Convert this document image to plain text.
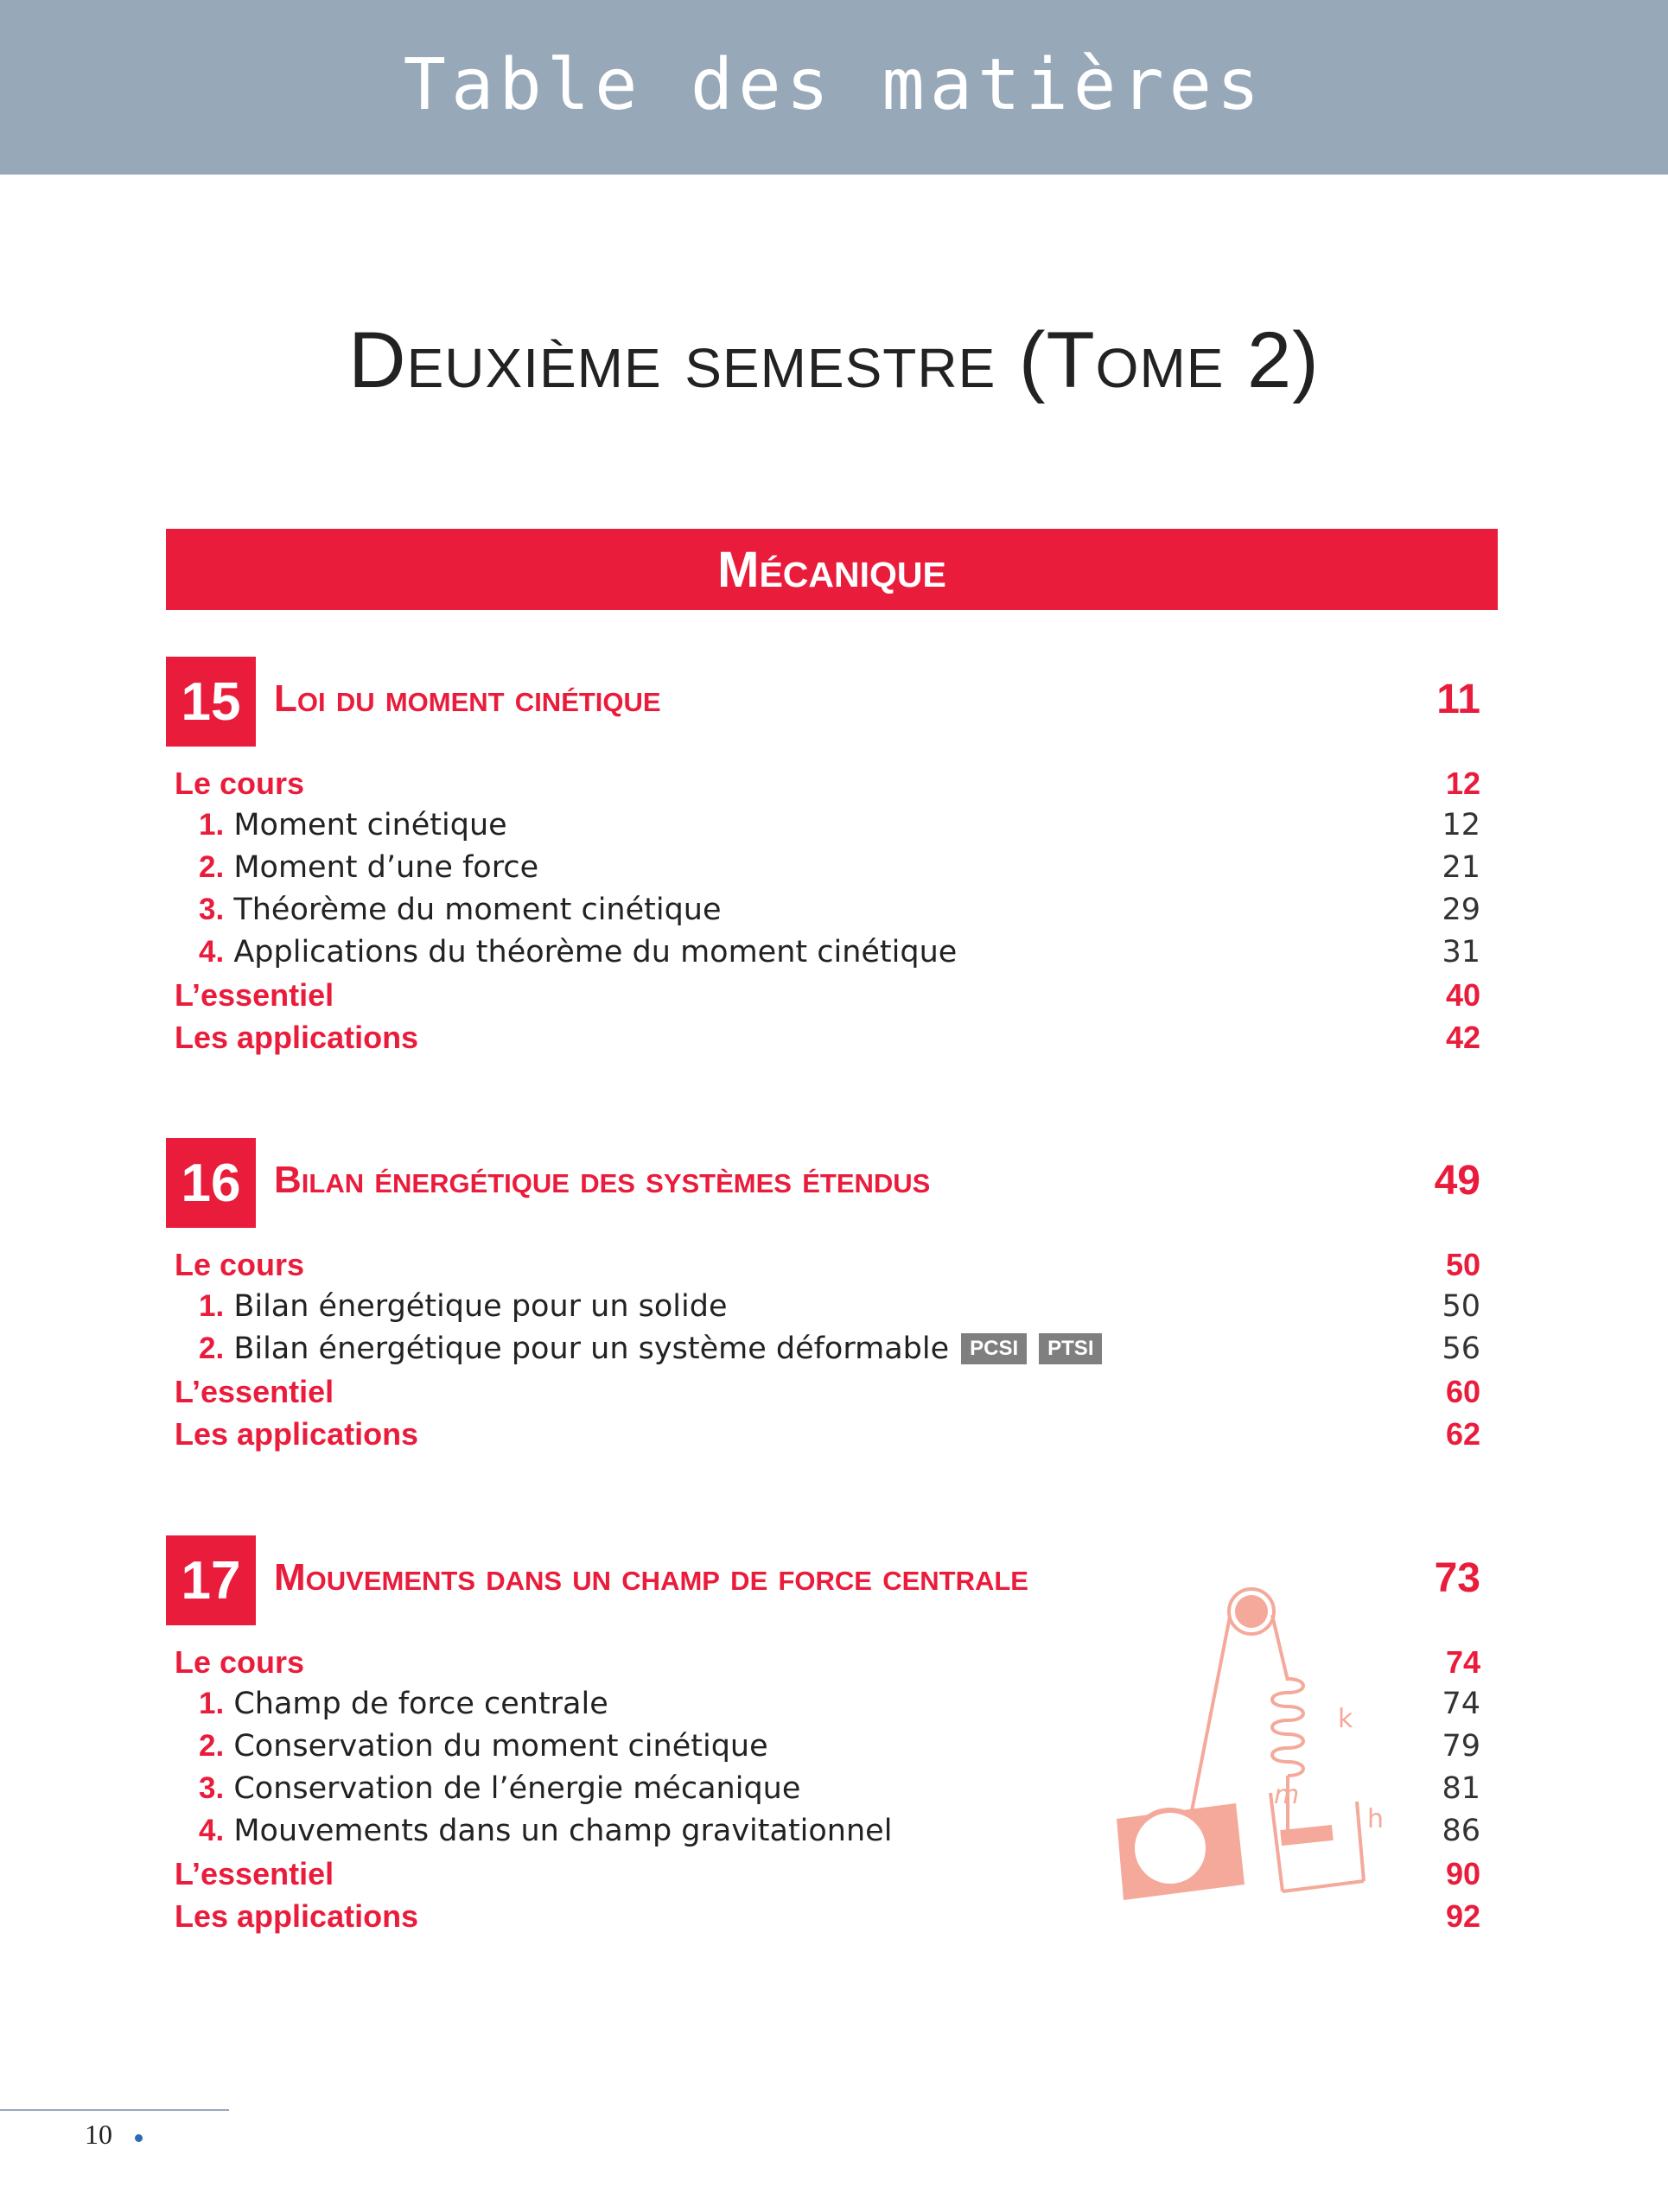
Table des matières
Deuxième semestre (Tome 2)
Mécanique
15 Loi du moment cinétique	11
Le cours	12
1. Moment cinétique	12
2. Moment d’une force	21
3. Théorème du moment cinétique	29
4. Applications du théorème du moment cinétique	31
L’essentiel	40
Les applications	42
16 Bilan énergétique des systèmes étendus	49
Le cours	50
1. Bilan énergétique pour un solide	50
2. Bilan énergétique pour un système déformable PCSI PTSI	56
L’essentiel	60
Les applications	62
17 Mouvements dans un champ de force centrale	73
Le cours	74
1. Champ de force centrale	74
2. Conservation du moment cinétique	79
3. Conservation de l’énergie mécanique	81
4. Mouvements dans un champ gravitationnel	86
L’essentiel	90
Les applications	92
k
m
h
10
